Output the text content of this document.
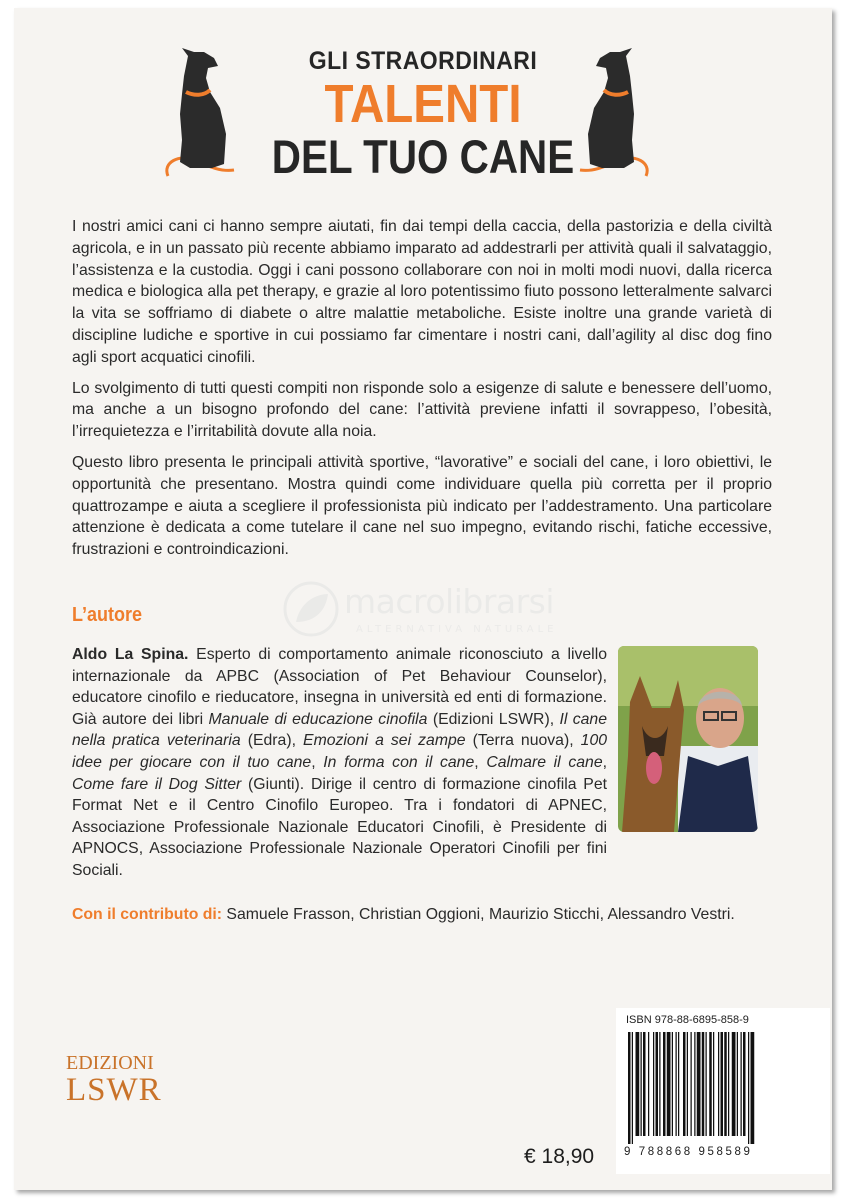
GLI STRAORDINARI
TALENTI
DEL TUO CANE

I nostri amici cani ci hanno sempre aiutati, fin dai tempi della caccia, della pastorizia e della civiltà agricola, e in un passato più recente abbiamo imparato ad addestrarli per attività quali il salvataggio, l’assistenza e la custodia. Oggi i cani possono collaborare con noi in molti modi nuovi, dalla ricerca medica e biologica alla pet therapy, e grazie al loro potentissimo fiuto possono letteralmente salvarci la vita se soffriamo di diabete o altre malattie metaboliche. Esiste inoltre una grande varietà di discipline ludiche e sportive in cui possiamo far cimentare i nostri cani, dall’agility al disc dog fino agli sport acquatici cinofili.

Lo svolgimento di tutti questi compiti non risponde solo a esigenze di salute e benessere dell’uomo, ma anche a un bisogno profondo del cane: l’attività previene infatti il sovrappeso, l’obesità, l’irrequietezza e l’irritabilità dovute alla noia.

Questo libro presenta le principali attività sportive, “lavorative” e sociali del cane, i loro obiettivi, le opportunità che presentano. Mostra quindi come individuare quella più corretta per il proprio quattrozampe e aiuta a scegliere il professionista più indicato per l’addestramento. Una particolare attenzione è dedicata a come tutelare il cane nel suo impegno, evitando rischi, fatiche eccessive, frustrazioni e controindicazioni.

macrolibrarsi
ALTERNATIVA NATURALE
L’autore
Aldo La Spina. Esperto di comportamento animale riconosciuto a livello internazionale da APBC (Association of Pet Behaviour Counselor), educatore cinofilo e rieducatore, insegna in università ed enti di formazione. Già autore dei libri Manuale di educazione cinofila (Edizioni LSWR), Il cane nella pratica veterinaria (Edra), Emozioni a sei zampe (Terra nuova), 100 idee per giocare con il tuo cane, In forma con il cane, Calmare il cane, Come fare il Dog Sitter (Giunti). Dirige il centro di formazione cinofila Pet Format Net e il Centro Cinofilo Europeo. Tra i fondatori di APNEC, Associazione Professionale Nazionale Educatori Cinofili, è Presidente di APNOCS, Associazione Professionale Nazionale Operatori Cinofili per fini Sociali.
Con il contributo di: Samuele Frasson, Christian Oggioni, Maurizio Sticchi, Alessandro Vestri.
EDIZIONI
LSWR
€ 18,90
ISBN 978-88-6895-858-9
9 788868 958589
